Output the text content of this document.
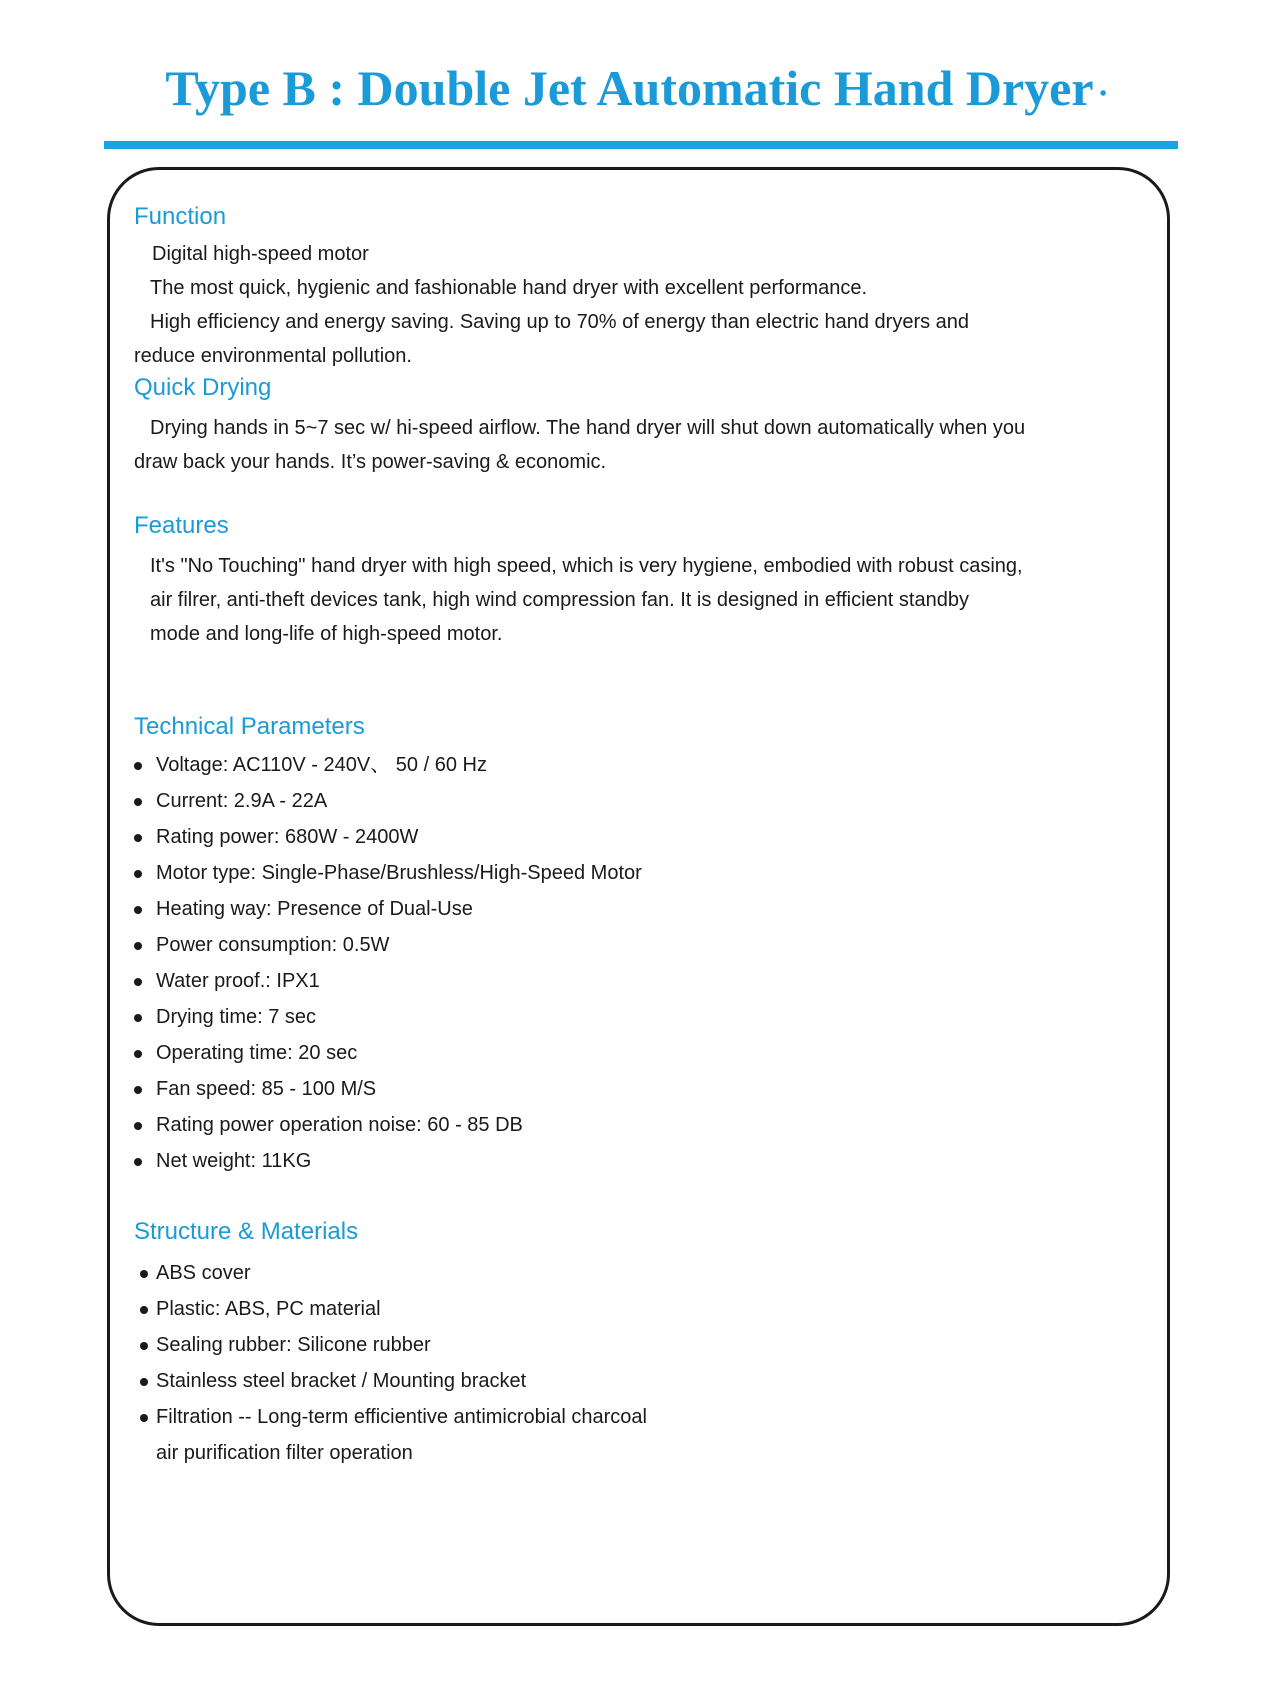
Type B : Double Jet Automatic Hand Dryer •
Function
Digital high-speed motor
The most quick, hygienic and fashionable hand dryer with excellent performance.
High efficiency and energy saving. Saving up to 70% of energy than electric hand dryers and
reduce environmental pollution.
Quick Drying
Drying hands in 5~7 sec w/ hi-speed airflow. The hand dryer will shut down automatically when you
draw back your hands. It’s power-saving & economic.
Features
It's "No Touching" hand dryer with high speed, which is very hygiene, embodied with robust casing,
air filrer, anti-theft devices tank, high wind compression fan. It is designed in efficient standby
mode and long-life of high-speed motor.
Technical Parameters
Voltage: AC110V - 240V、 50 / 60 Hz
Current: 2.9A - 22A
Rating power: 680W - 2400W
Motor type: Single-Phase/Brushless/High-Speed Motor
Heating way: Presence of Dual-Use
Power consumption: 0.5W
Water proof.: IPX1
Drying time: 7 sec
Operating time: 20 sec
Fan speed: 85 - 100 M/S
Rating power operation noise: 60 - 85 DB
Net weight: 11KG
Structure & Materials
ABS cover
Plastic: ABS, PC material
Sealing rubber: Silicone rubber
Stainless steel bracket / Mounting bracket
Filtration -- Long-term efficientive antimicrobial charcoal
air purification filter operation
